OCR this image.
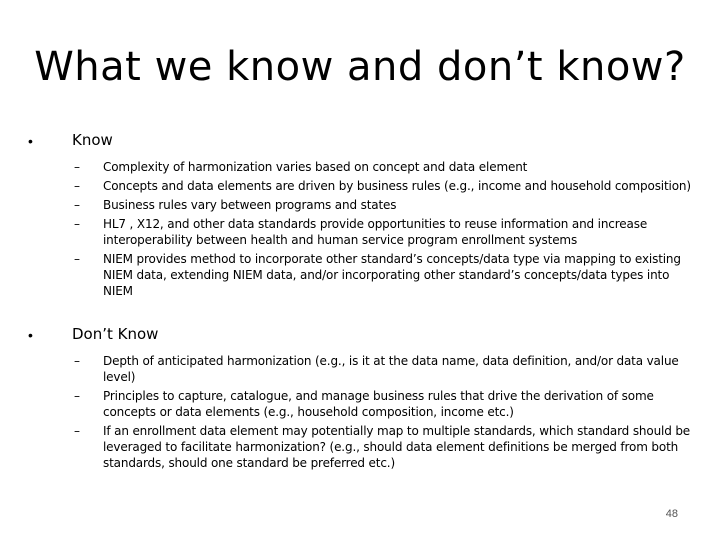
What we know and don’t know?
•	Know
– Complexity of harmonization varies based on concept and data element
– Concepts and data elements are driven by business rules (e.g., income and household composition)
– Business rules vary between programs and states
– HL7 , X12, and other data standards provide opportunities to reuse information and increase interoperability between health and human service program enrollment systems
– NIEM provides method to incorporate other standard’s concepts/data type via mapping to existing NIEM data, extending NIEM data, and/or incorporating other standard’s concepts/data types into NIEM
•	Don’t Know
– Depth of anticipated harmonization (e.g., is it at the data name, data definition, and/or data value level)
– Principles to capture, catalogue, and manage business rules that drive the derivation of some concepts or data elements (e.g., household composition, income etc.)
– If an enrollment data element may potentially map to multiple standards, which standard should be leveraged to facilitate harmonization? (e.g., should data element definitions be merged from both standards, should one standard be preferred etc.)
48
